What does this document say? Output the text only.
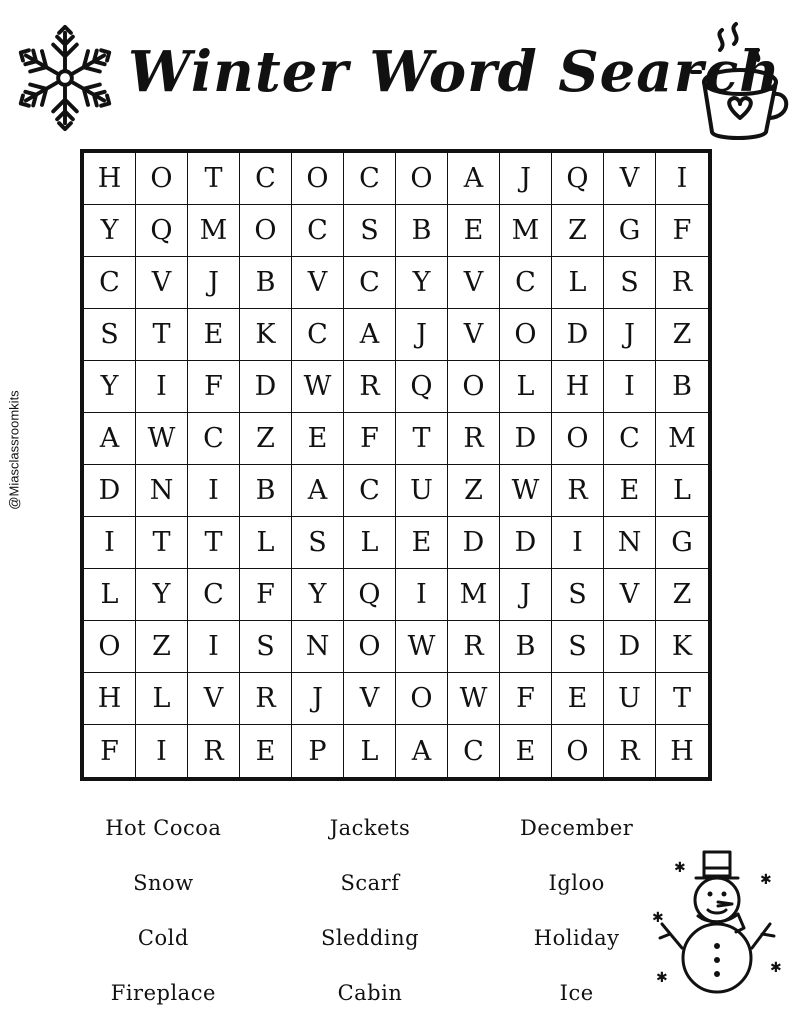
Winter Word Search
@Miasclassroomkits
H	O	T	C	O	C	O	A	J	Q	V	I
Y	Q	M	O	C	S	B	E	M	Z	G	F
C	V	J	B	V	C	Y	V	C	L	S	R
S	T	E	K	C	A	J	V	O	D	J	Z
Y	I	F	D	W	R	Q	O	L	H	I	B
A	W	C	Z	E	F	T	R	D	O	C	M
D	N	I	B	A	C	U	Z	W	R	E	L
I	T	T	L	S	L	E	D	D	I	N	G
L	Y	C	F	Y	Q	I	M	J	S	V	Z
O	Z	I	S	N	O	W	R	B	S	D	K
H	L	V	R	J	V	O	W	F	E	U	T
F	I	R	E	P	L	A	C	E	O	R	H
Hot Cocoa	Jackets	December
Snow	Scarf	Igloo
Cold	Sledding	Holiday
Fireplace	Cabin	Ice
✱
✱
✱
✱
✱
